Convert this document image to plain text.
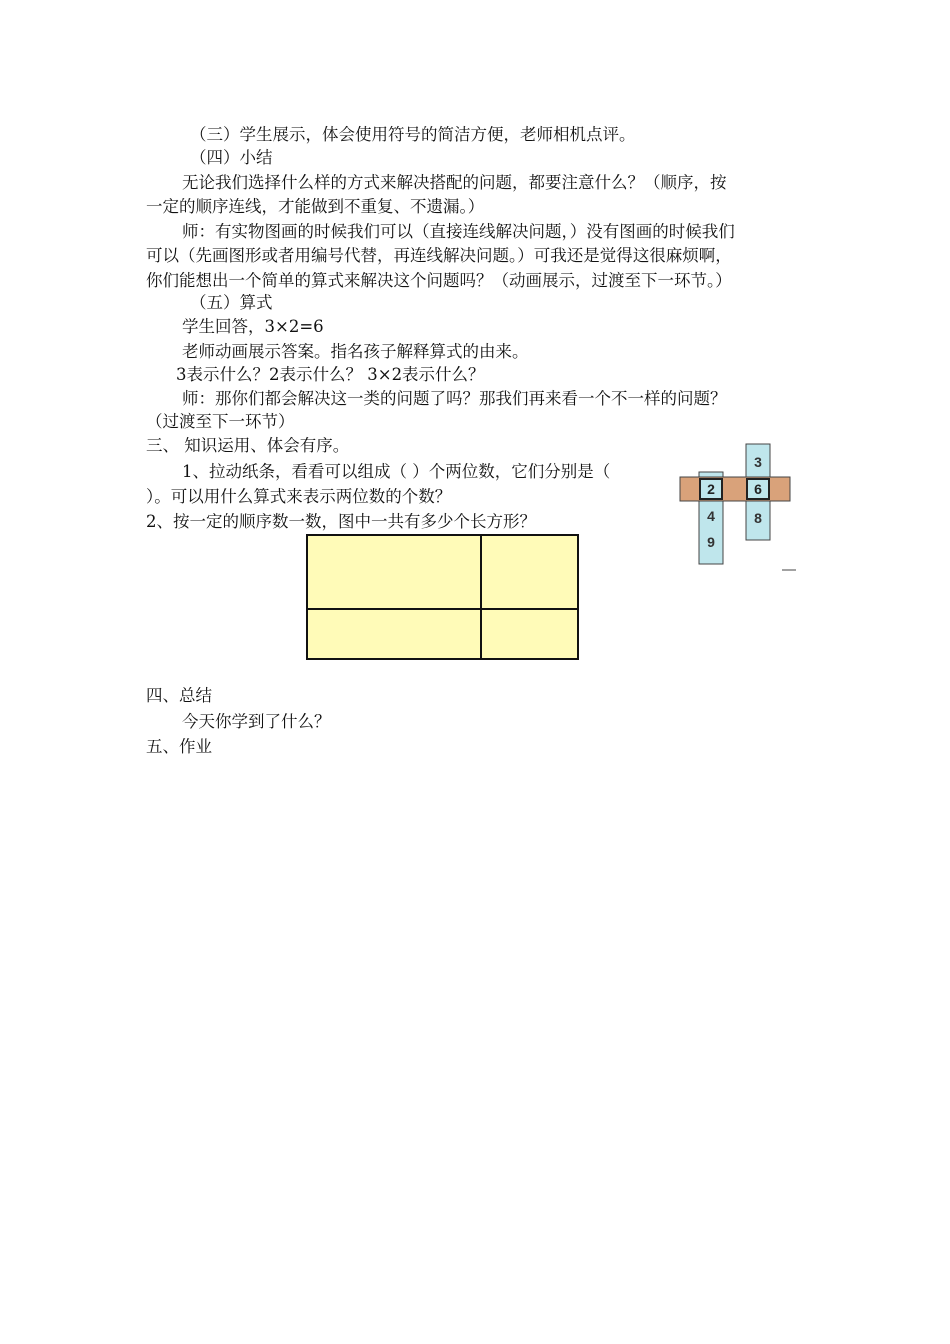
（三）学生展示，体会使用符号的简洁方便，老师相机点评。
（四）小结
无论我们选择什么样的方式来解决搭配的问题，都要注意什么？（顺序，按
一定的顺序连线，才能做到不重复、不遗漏。）
师：有实物图画的时候我们可以（直接连线解决问题，）没有图画的时候我们
可以（先画图形或者用编号代替，再连线解决问题。）可我还是觉得这很麻烦啊，
你们能想出一个简单的算式来解决这个问题吗？（动画展示，过渡至下一环节。）
（五）算式
学生回答，3×2=6
老师动画展示答案。指名孩子解释算式的由来。
3表示什么？2表示什么？ 3×2表示什么？
师：那你们都会解决这一类的问题了吗？那我们再来看一个不一样的问题？
（过渡至下一环节）
三、 知识运用、体会有序。
1、拉动纸条，看看可以组成（ ）个两位数，它们分别是（
）。可以用什么算式来表示两位数的个数？
2、按一定的顺序数一数，图中一共有多少个长方形？
四、总结
今天你学到了什么？
五、作业
3
6
8
2
4
9
